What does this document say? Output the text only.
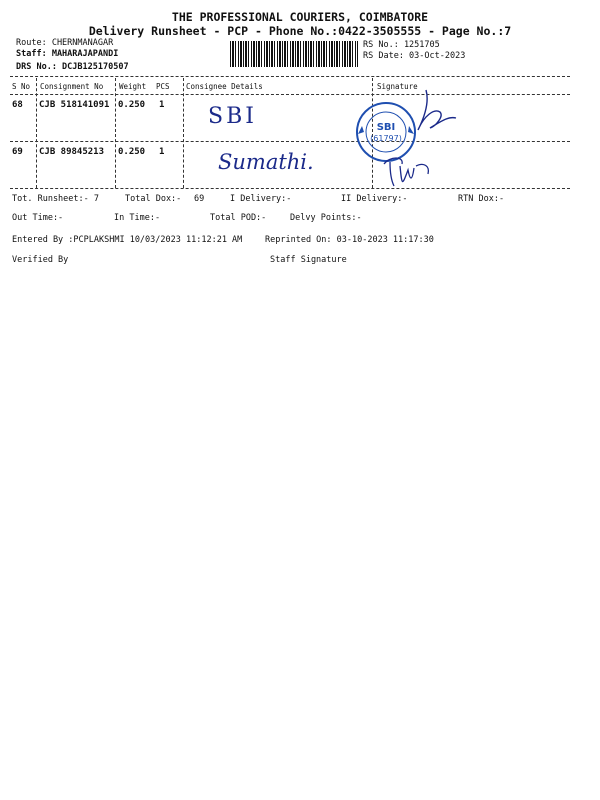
THE PROFESSIONAL COURIERS, COIMBATORE
Delivery Runsheet - PCP - Phone No.:0422-3505555 - Page No.:7
Route: CHERNMANAGAR
Staff: MAHARAJAPANDI
DRS No.: DCJB125170507
RS No.: 1251705
RS Date: 03-Oct-2023
S No Consignment No Weight PCS Consignee Details	Signature
68 CJB 518141091 0.250 1 SBI
69 CJB 89845213 0.250 1	Sumathi.
SBI
(61797)
Tot. Runsheet:- 7	Total Dox:- 69	I Delivery:-	II Delivery:-	RTN Dox:-
Out Time:-	In Time:-	Total POD:-	Delvy Points:-
Entered By :PCPLAKSHMI 10/03/2023 11:12:21 AM	Reprinted On: 03-10-2023 11:17:30
Verified By	Staff Signature
